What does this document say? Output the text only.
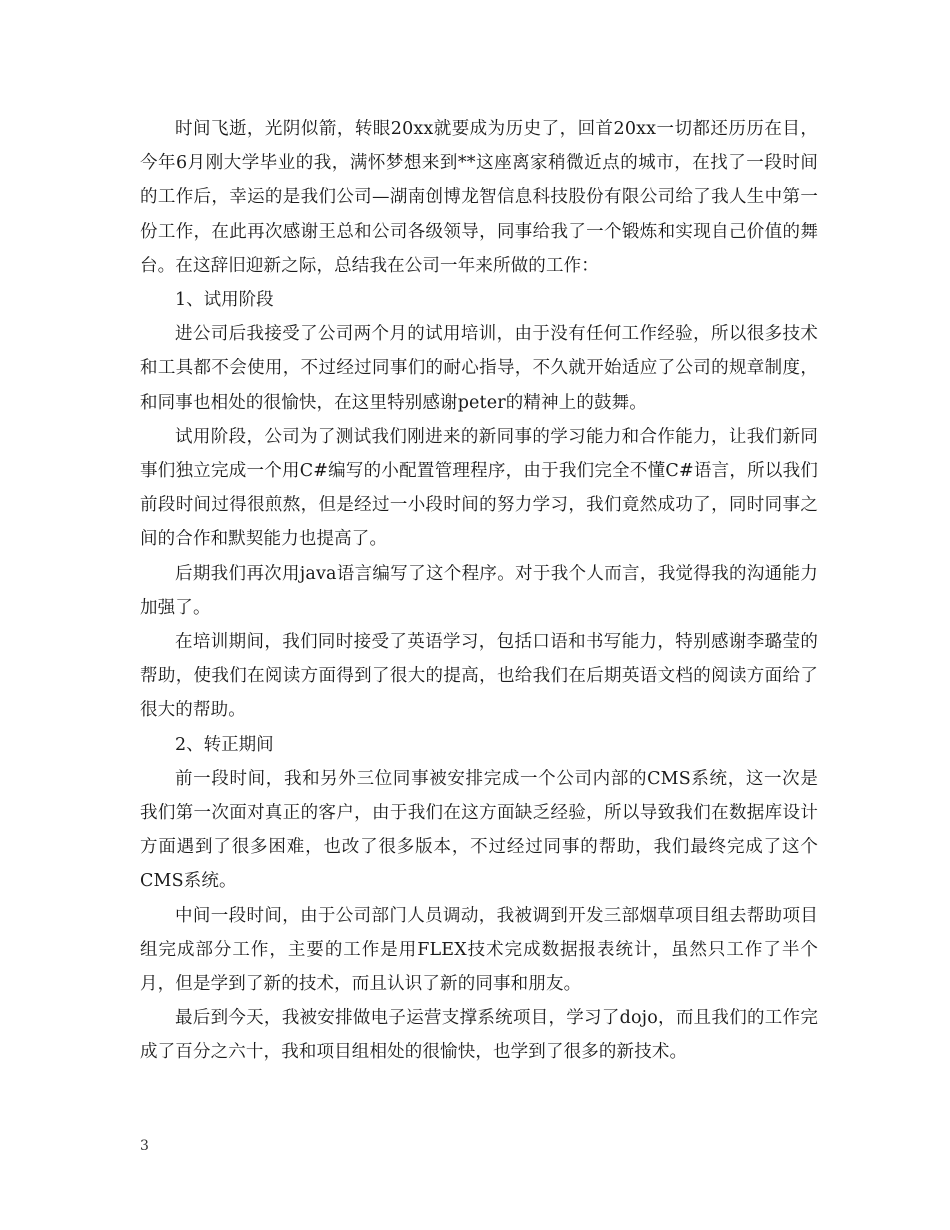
时间飞逝，光阴似箭，转眼20xx就要成为历史了，回首20xx一切都还历历在目，今年6月刚大学毕业的我，满怀梦想来到**这座离家稍微近点的城市，在找了一段时间的工作后，幸运的是我们公司—湖南创博龙智信息科技股份有限公司给了我人生中第一份工作，在此再次感谢王总和公司各级领导，同事给我了一个锻炼和实现自己价值的舞台。在这辞旧迎新之际，总结我在公司一年来所做的工作：

1、试用阶段

进公司后我接受了公司两个月的试用培训，由于没有任何工作经验，所以很多技术和工具都不会使用，不过经过同事们的耐心指导，不久就开始适应了公司的规章制度，和同事也相处的很愉快，在这里特别感谢peter的精神上的鼓舞。

试用阶段，公司为了测试我们刚进来的新同事的学习能力和合作能力，让我们新同事们独立完成一个用C#编写的小配置管理程序，由于我们完全不懂C#语言，所以我们前段时间过得很煎熬，但是经过一小段时间的努力学习，我们竟然成功了，同时同事之间的合作和默契能力也提高了。

后期我们再次用java语言编写了这个程序。对于我个人而言，我觉得我的沟通能力加强了。

在培训期间，我们同时接受了英语学习，包括口语和书写能力，特别感谢李璐莹的帮助，使我们在阅读方面得到了很大的提高，也给我们在后期英语文档的阅读方面给了很大的帮助。

2、转正期间

前一段时间，我和另外三位同事被安排完成一个公司内部的CMS系统，这一次是我们第一次面对真正的客户，由于我们在这方面缺乏经验，所以导致我们在数据库设计方面遇到了很多困难，也改了很多版本，不过经过同事的帮助，我们最终完成了这个CMS系统。

中间一段时间，由于公司部门人员调动，我被调到开发三部烟草项目组去帮助项目组完成部分工作，主要的工作是用FLEX技术完成数据报表统计，虽然只工作了半个月，但是学到了新的技术，而且认识了新的同事和朋友。

最后到今天，我被安排做电子运营支撑系统项目，学习了dojo，而且我们的工作完成了百分之六十，我和项目组相处的很愉快，也学到了很多的新技术。

3
